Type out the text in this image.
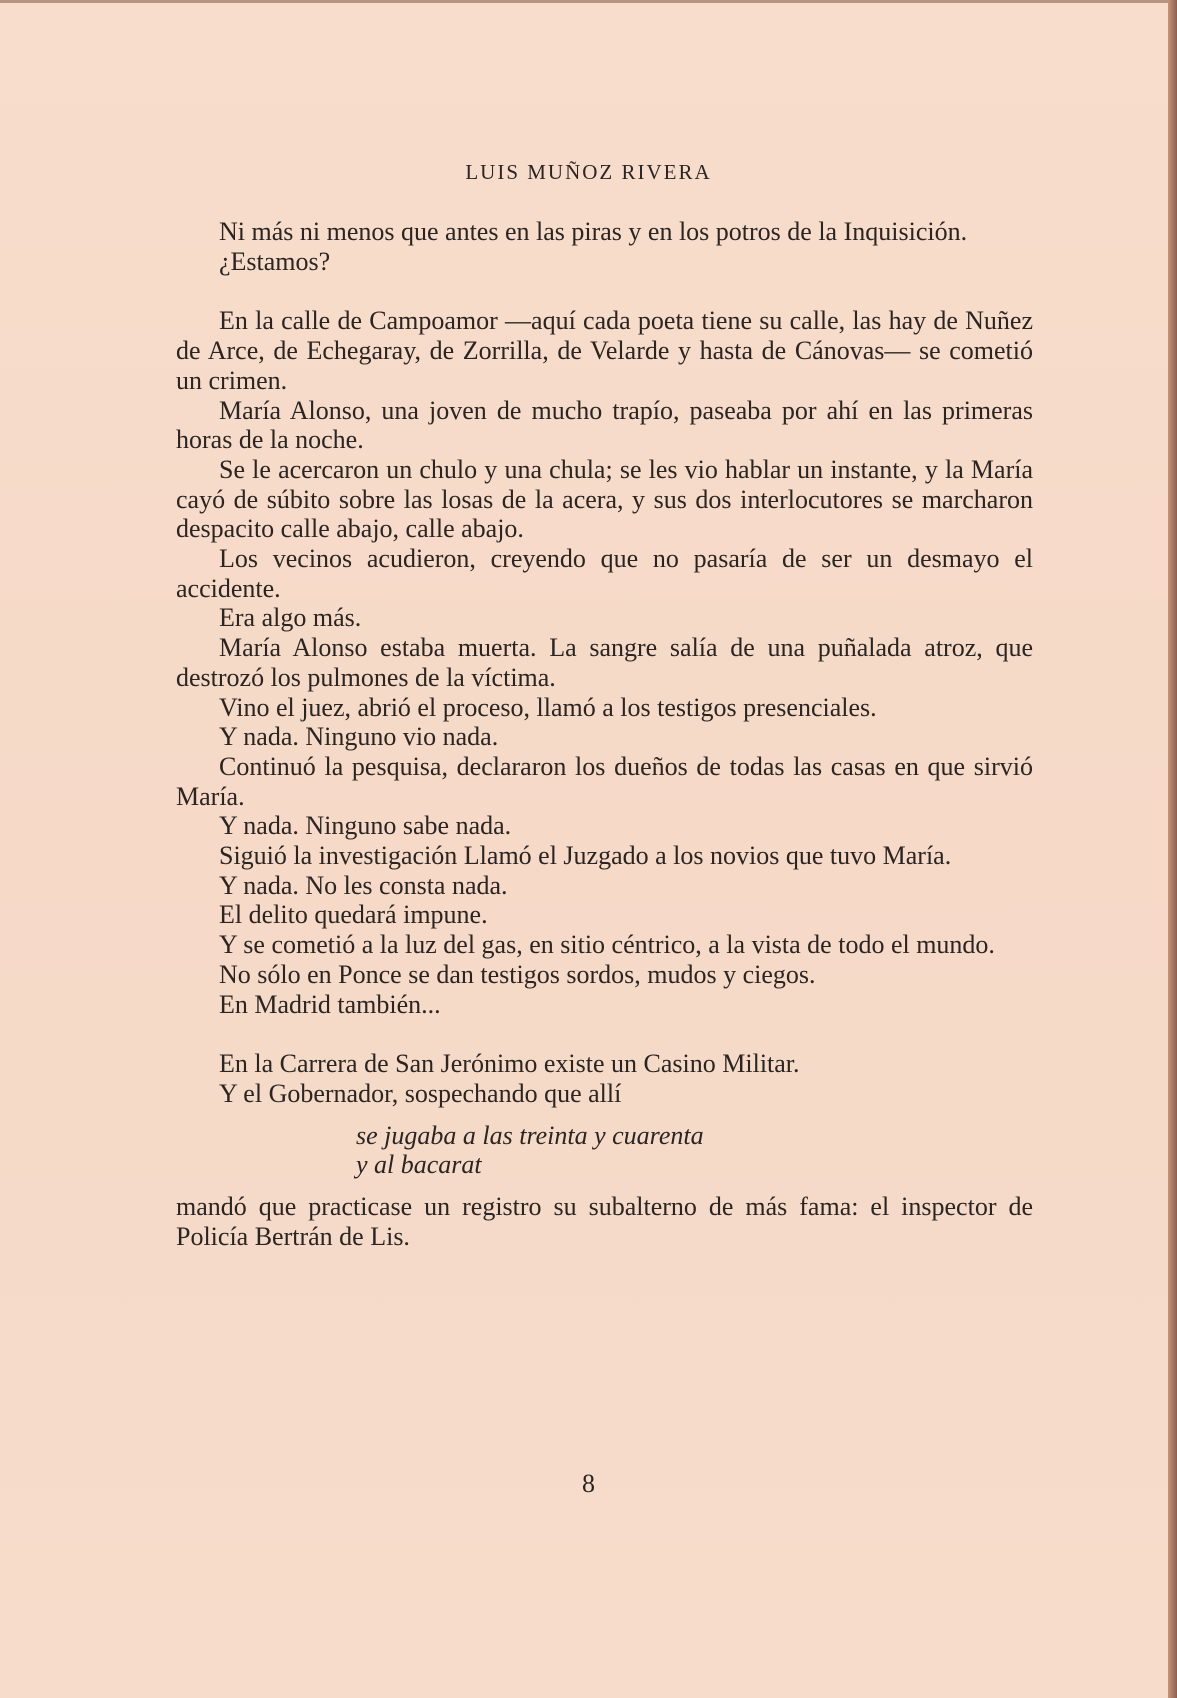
LUIS MUÑOZ RIVERA

Ni más ni menos que antes en las piras y en los potros de la Inquisición.

¿Estamos?

En la calle de Campoamor —aquí cada poeta tiene su calle, las hay de Nuñez de Arce, de Echegaray, de Zorrilla, de Velarde y hasta de Cánovas— se cometió un crimen.

María Alonso, una joven de mucho trapío, paseaba por ahí en las primeras horas de la noche.

Se le acercaron un chulo y una chula; se les vio hablar un instante, y la María cayó de súbito sobre las losas de la acera, y sus dos interlocutores se marcharon despacito calle abajo, calle abajo.

Los vecinos acudieron, creyendo que no pasaría de ser un desmayo el accidente.

Era algo más.

María Alonso estaba muerta. La sangre salía de una puñalada atroz, que destrozó los pulmones de la víctima.

Vino el juez, abrió el proceso, llamó a los testigos presenciales.

Y nada. Ninguno vio nada.

Continuó la pesquisa, declararon los dueños de todas las casas en que sirvió María.

Y nada. Ninguno sabe nada.

Siguió la investigación Llamó el Juzgado a los novios que tuvo María.

Y nada. No les consta nada.

El delito quedará impune.

Y se cometió a la luz del gas, en sitio céntrico, a la vista de todo el mundo.

No sólo en Ponce se dan testigos sordos, mudos y ciegos.

En Madrid también...

En la Carrera de San Jerónimo existe un Casino Militar.

Y el Gobernador, sospechando que allí

se jugaba a las treinta y cuarenta
y al bacarat

mandó que practicase un registro su subalterno de más fama: el inspector de Policía Bertrán de Lis.

8
